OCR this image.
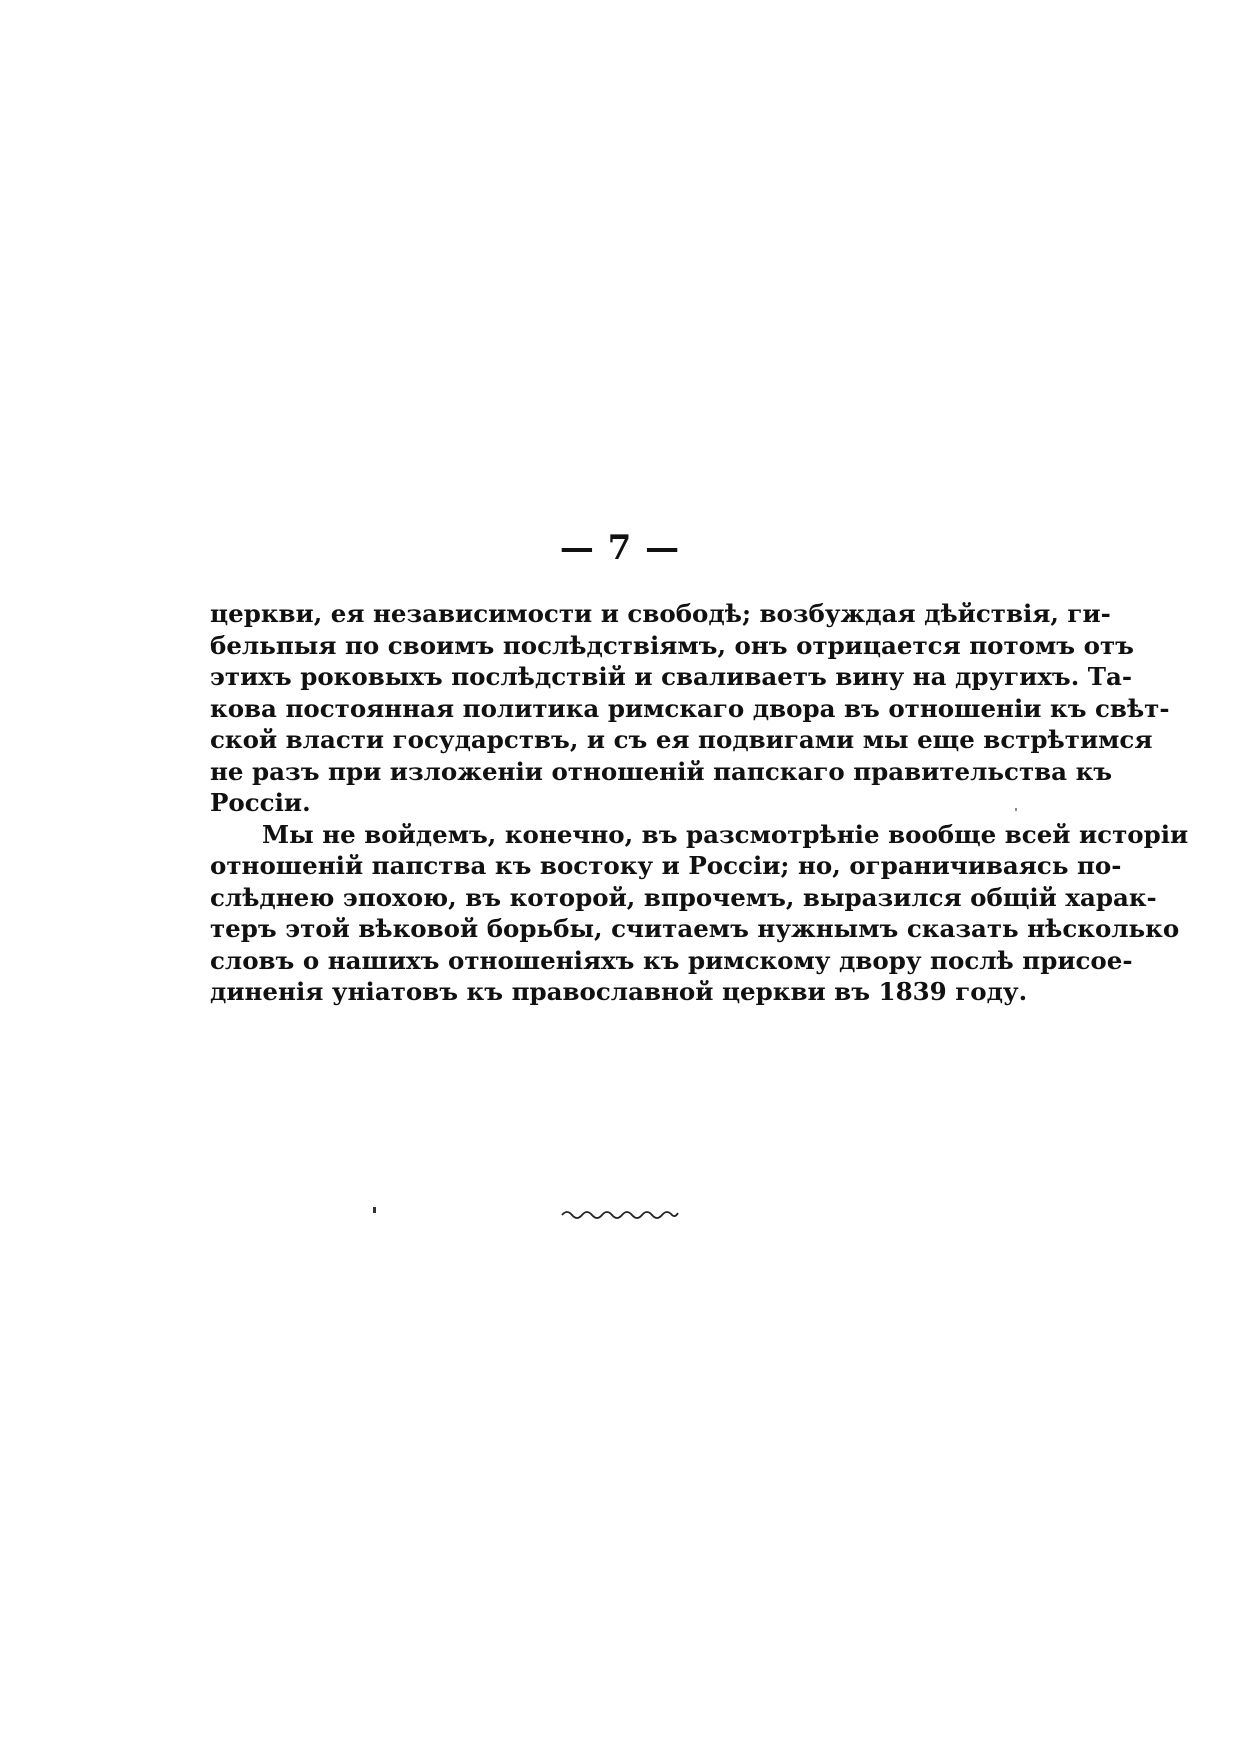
— 7 —
церкви, ея независимости и свободѣ; возбуждая дѣйствія, ги-
бельпыя по своимъ послѣдствіямъ, онъ отрицается потомъ отъ
этихъ роковыхъ послѣдствій и сваливаетъ вину на другихъ. Та-
кова постоянная политика римскаго двора въ отношеніи къ свѣт-
ской власти государствъ, и съ ея подвигами мы еще встрѣтимся
не разъ при изложеніи отношеній папскаго правительства къ
Россіи.
Мы не войдемъ, конечно, въ разсмотрѣніе вообще всей исторіи
отношеній папства къ востоку и Россіи; но, ограничиваясь по-
слѣднею эпохою, въ которой, впрочемъ, выразился общій харак-
теръ этой вѣковой борьбы, считаемъ нужнымъ сказать нѣсколько
словъ о нашихъ отношеніяхъ къ римскому двору послѣ присое-
диненія уніатовъ къ православной церкви въ 1839 году.
